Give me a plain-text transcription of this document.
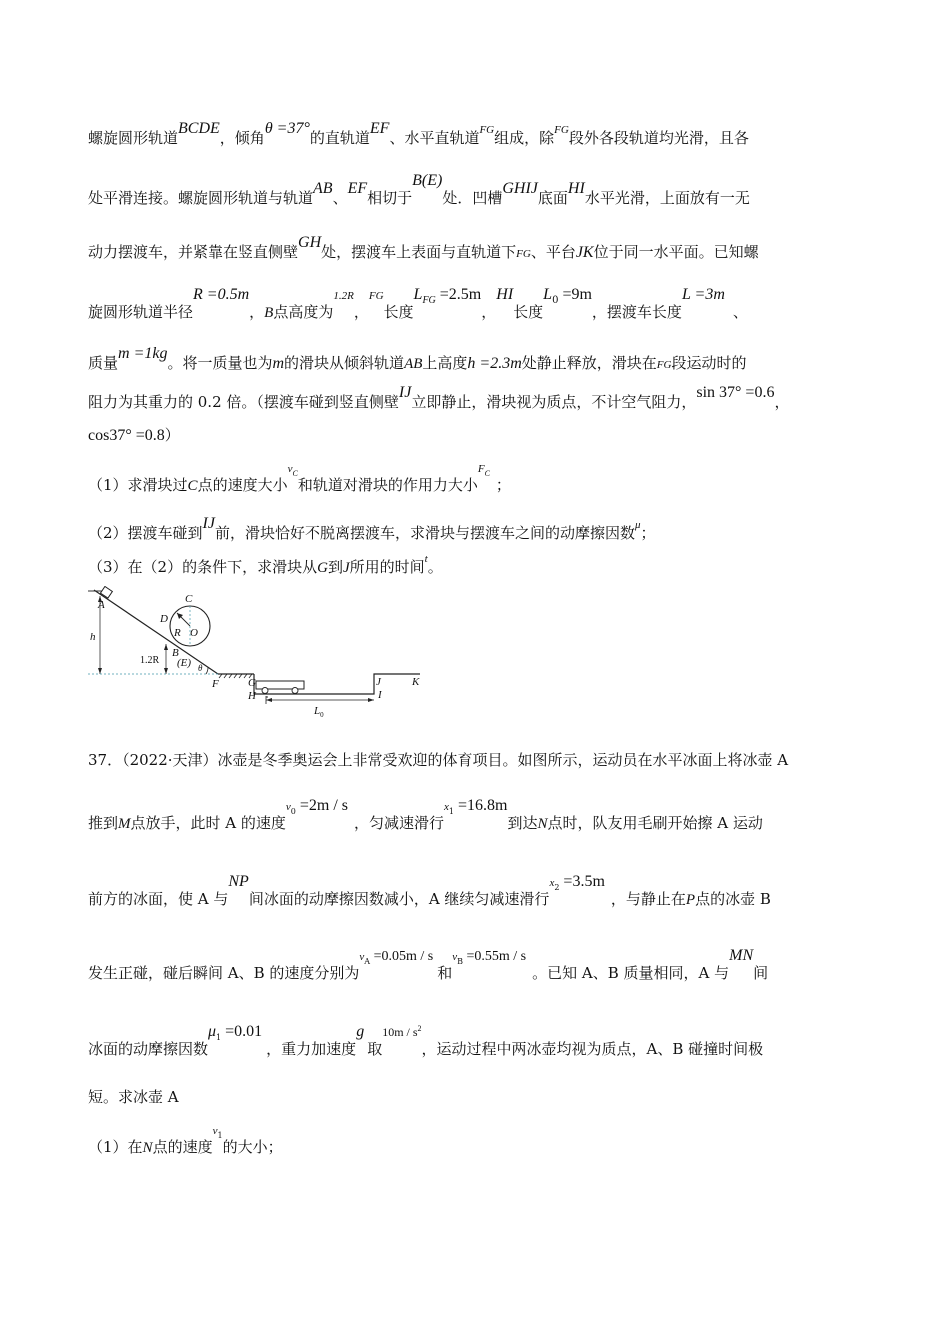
螺旋圆形轨道BCDE，倾角θ =37°的直轨道EF、水平直轨道$^{FG}$组成，除$^{FG}$段外各段轨道均光滑，且各
处平滑连接。螺旋圆形轨道与轨道AB、EF相切于B(E)处．凹槽GHIJ底面HI水平光滑，上面放有一无
动力摆渡车，并紧靠在竖直侧壁GH处，摆渡车上表面与直轨道下FG、平台JK位于同一水平面。已知螺
旋圆形轨道半径R =0.5m，B点高度为$^{1.2R}$，$^{FG}$长度$L_{FG} =2.5m$，HI长度$L_0 =9m$，摆渡车长度L =3m、
质量m =1kg。将一质量也为m的滑块从倾斜轨道AB上高度h =2.3m处静止释放，滑块在FG段运动时的
阻力为其重力的 0.2 倍。（摆渡车碰到竖直侧壁IJ立即静止，滑块视为质点，不计空气阻力，sin 37° =0.6，
cos37° =0.8）
（1）求滑块过C点的速度大小$v_C$和轨道对滑块的作用力大小$F_C$；
（2）摆渡车碰到IJ前，滑块恰好不脱离摆渡车，求滑块与摆渡车之间的动摩擦因数$^\mu$；
（3）在（2）的条件下，求滑块从G到J所用的时间$^t$。
A	C
D
R O
h
B
1.2R (E) θ
F	G
H
J	K
I
$L_0$
37．（2022·天津）冰壶是冬季奥运会上非常受欢迎的体育项目。如图所示，运动员在水平冰面上将冰壶 A
推到M点放手，此时 A 的速度$v_0 =2m / s$，匀减速滑行$x_1 =16.8m$到达N点时，队友用毛刷开始擦 A 运动
前方的冰面，使 A 与NP间冰面的动摩擦因数减小，A 继续匀减速滑行$x_2 =3.5m$，与静止在P点的冰壶 B
发生正碰，碰后瞬间 A、B 的速度分别为$v_A =0.05m / s$和$v_B =0.55m / s$。已知 A、B 质量相同，A 与MN间
冰面的动摩擦因数$\mu_1 =0.01$，重力加速度g取$^{10m / s^2}$，运动过程中两冰壶均视为质点，A、B 碰撞时间极
短。求冰壶 A
（1）在N点的速度$v_1$的大小；
